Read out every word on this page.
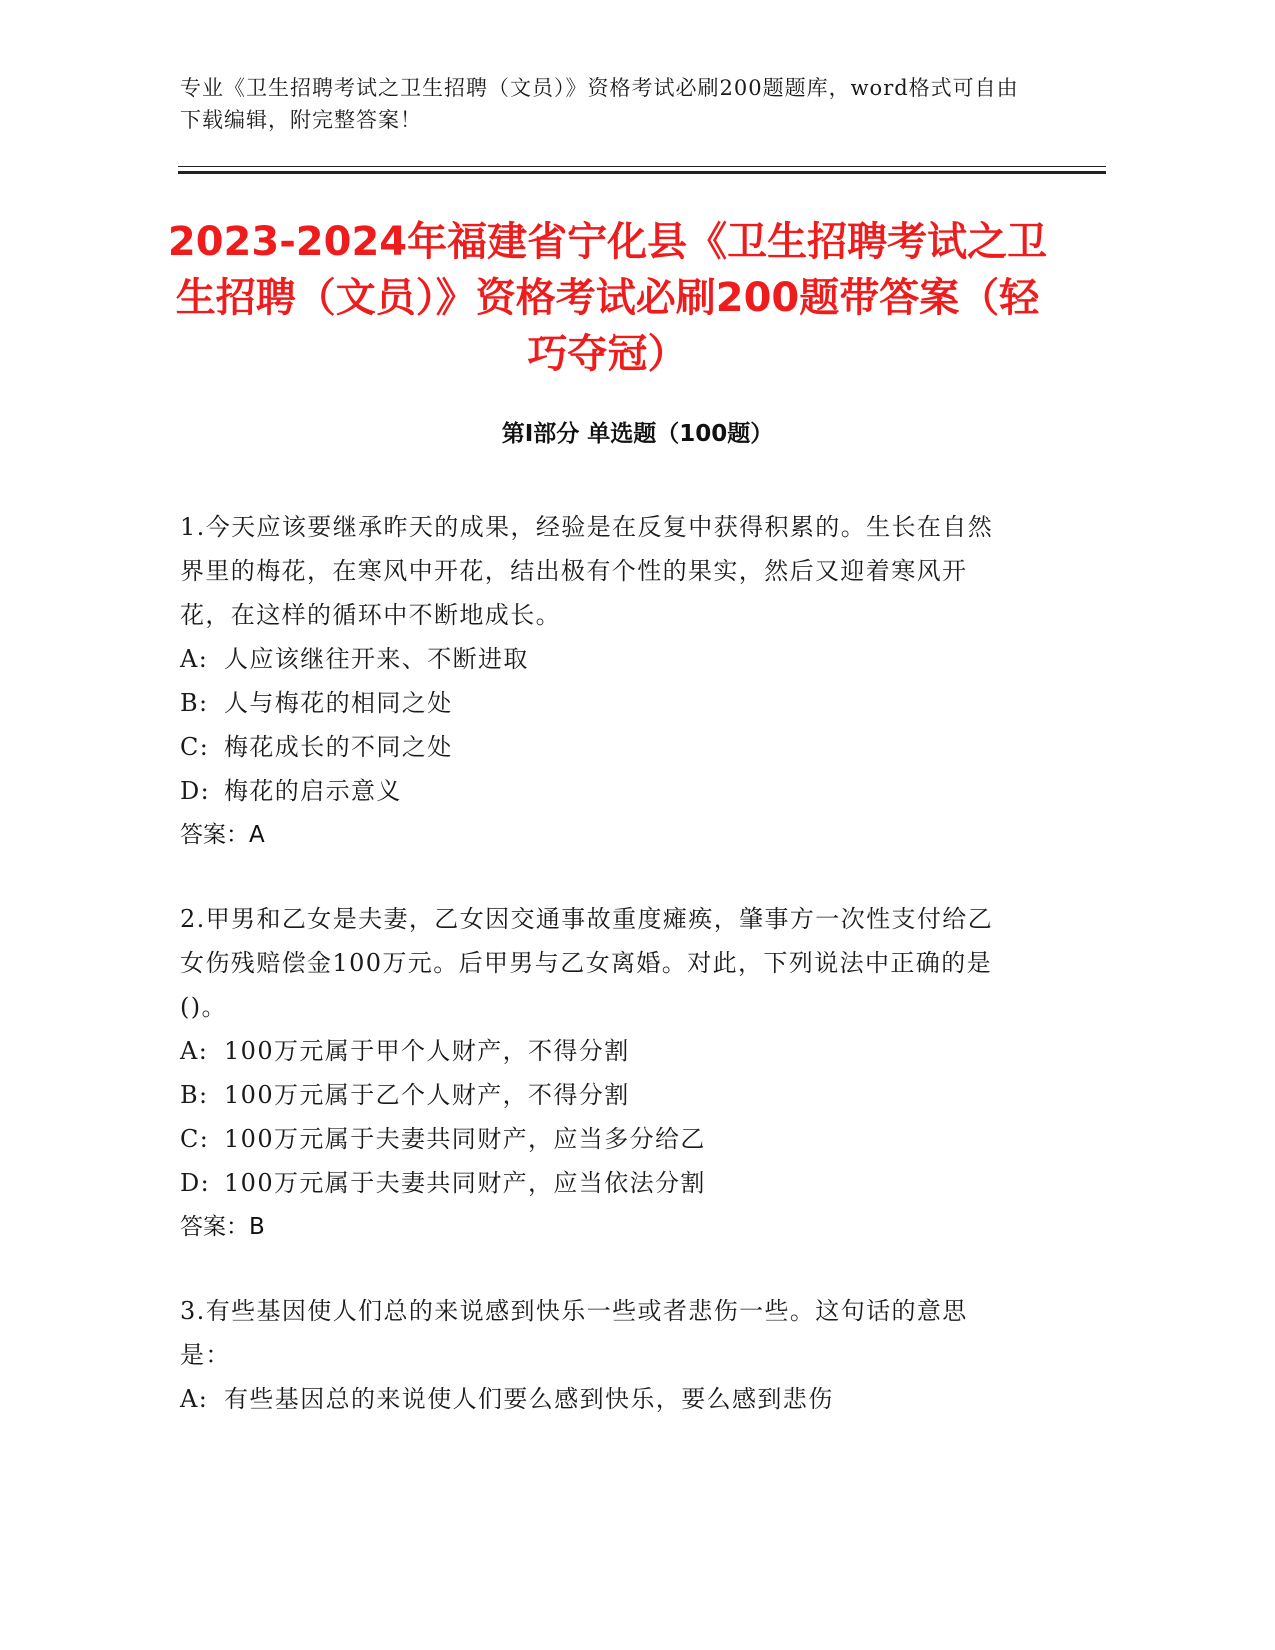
专业《卫生招聘考试之卫生招聘（文员）》资格考试必刷200题题库，word格式可自由下载编辑，附完整答案！
2023-2024年福建省宁化县《卫生招聘考试之卫生招聘（文员）》资格考试必刷200题带答案（轻巧夺冠）
第I部分 单选题（100题）

1.今天应该要继承昨天的成果，经验是在反复中获得积累的。生长在自然界里的梅花，在寒风中开花，结出极有个性的果实，然后又迎着寒风开花，在这样的循环中不断地成长。

A: 人应该继往开来、不断进取

B: 人与梅花的相同之处

C: 梅花成长的不同之处

D: 梅花的启示意义

答案：A

2.甲男和乙女是夫妻，乙女因交通事故重度瘫痪，肇事方一次性支付给乙女伤残赔偿金100万元。后甲男与乙女离婚。对此，下列说法中正确的是()。

A: 100万元属于甲个人财产，不得分割

B: 100万元属于乙个人财产，不得分割

C: 100万元属于夫妻共同财产，应当多分给乙

D: 100万元属于夫妻共同财产，应当依法分割

答案：B

3.有些基因使人们总的来说感到快乐一些或者悲伤一些。这句话的意思是：

A: 有些基因总的来说使人们要么感到快乐，要么感到悲伤
